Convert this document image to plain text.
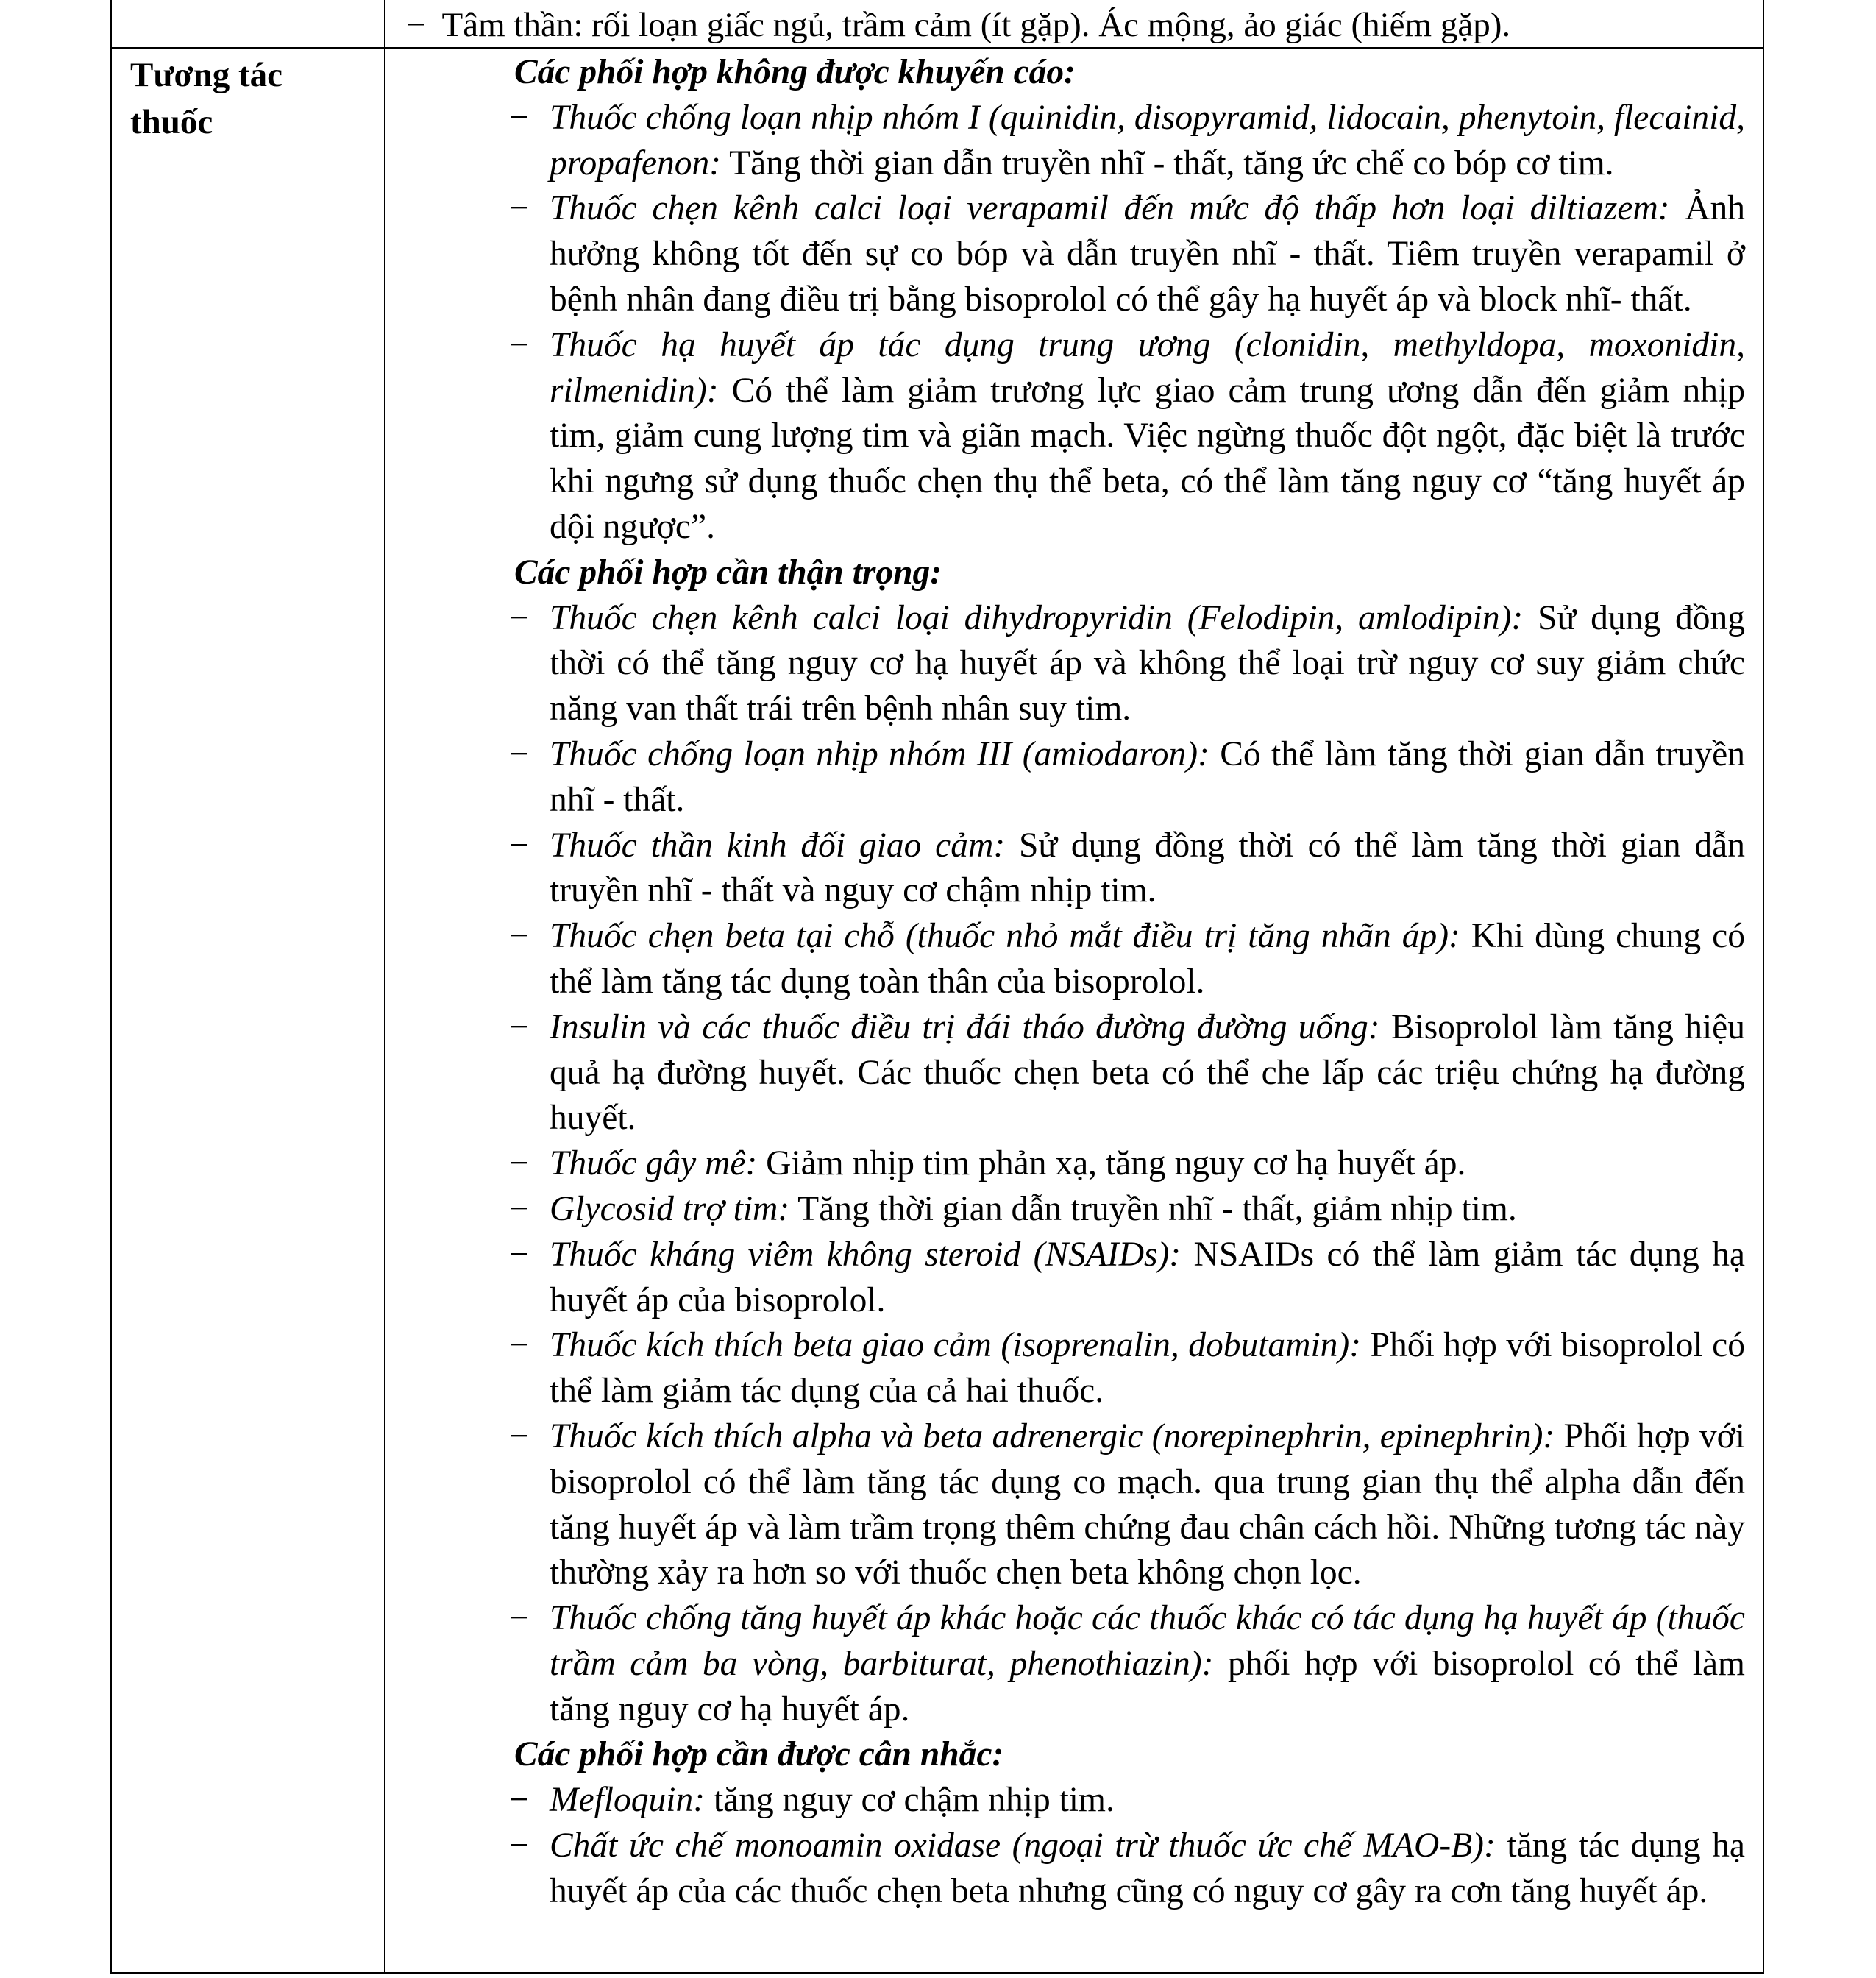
− Tâm thần: rối loạn giấc ngủ, trầm cảm (ít gặp). Ác mộng, ảo giác (hiếm gặp).
Tương tác
thuốc
Các phối hợp không được khuyến cáo:
− Thuốc chống loạn nhịp nhóm I (quinidin, disopyramid, lidocain, phenytoin, flecainid, propafenon: Tăng thời gian dẫn truyền nhĩ - thất, tăng ức chế co bóp cơ tim.
− Thuốc chẹn kênh calci loại verapamil đến mức độ thấp hơn loại diltiazem: Ảnh hưởng không tốt đến sự co bóp và dẫn truyền nhĩ - thất. Tiêm truyền verapamil ở bệnh nhân đang điều trị bằng bisoprolol có thể gây hạ huyết áp và block nhĩ- thất.
− Thuốc hạ huyết áp tác dụng trung ương (clonidin, methyldopa, moxonidin, rilmenidin): Có thể làm giảm trương lực giao cảm trung ương dẫn đến giảm nhịp tim, giảm cung lượng tim và giãn mạch. Việc ngừng thuốc đột ngột, đặc biệt là trước khi ngưng sử dụng thuốc chẹn thụ thể beta, có thể làm tăng nguy cơ “tăng huyết áp dội ngược”.
Các phối hợp cần thận trọng:
− Thuốc chẹn kênh calci loại dihydropyridin (Felodipin, amlodipin): Sử dụng đồng thời có thể tăng nguy cơ hạ huyết áp và không thể loại trừ nguy cơ suy giảm chức năng van thất trái trên bệnh nhân suy tim.
− Thuốc chống loạn nhịp nhóm III (amiodaron): Có thể làm tăng thời gian dẫn truyền nhĩ - thất.
− Thuốc thần kinh đối giao cảm: Sử dụng đồng thời có thể làm tăng thời gian dẫn truyền nhĩ - thất và nguy cơ chậm nhịp tim.
− Thuốc chẹn beta tại chỗ (thuốc nhỏ mắt điều trị tăng nhãn áp): Khi dùng chung có thể làm tăng tác dụng toàn thân của bisoprolol.
− Insulin và các thuốc điều trị đái tháo đường đường uống: Bisoprolol làm tăng hiệu quả hạ đường huyết. Các thuốc chẹn beta có thể che lấp các triệu chứng hạ đường huyết.
− Thuốc gây mê: Giảm nhịp tim phản xạ, tăng nguy cơ hạ huyết áp.
− Glycosid trợ tim: Tăng thời gian dẫn truyền nhĩ - thất, giảm nhịp tim.
− Thuốc kháng viêm không steroid (NSAIDs): NSAIDs có thể làm giảm tác dụng hạ huyết áp của bisoprolol.
− Thuốc kích thích beta giao cảm (isoprenalin, dobutamin): Phối hợp với bisoprolol có thể làm giảm tác dụng của cả hai thuốc.
− Thuốc kích thích alpha và beta adrenergic (norepinephrin, epinephrin): Phối hợp với bisoprolol có thể làm tăng tác dụng co mạch. qua trung gian thụ thể alpha dẫn đến tăng huyết áp và làm trầm trọng thêm chứng đau chân cách hồi. Những tương tác này thường xảy ra hơn so với thuốc chẹn beta không chọn lọc.
− Thuốc chống tăng huyết áp khác hoặc các thuốc khác có tác dụng hạ huyết áp (thuốc trầm cảm ba vòng, barbiturat, phenothiazin): phối hợp với bisoprolol có thể làm tăng nguy cơ hạ huyết áp.
Các phối hợp cần được cân nhắc:
− Mefloquin: tăng nguy cơ chậm nhịp tim.
− Chất ức chế monoamin oxidase (ngoại trừ thuốc ức chế MAO-B): tăng tác dụng hạ huyết áp của các thuốc chẹn beta nhưng cũng có nguy cơ gây ra cơn tăng huyết áp.
